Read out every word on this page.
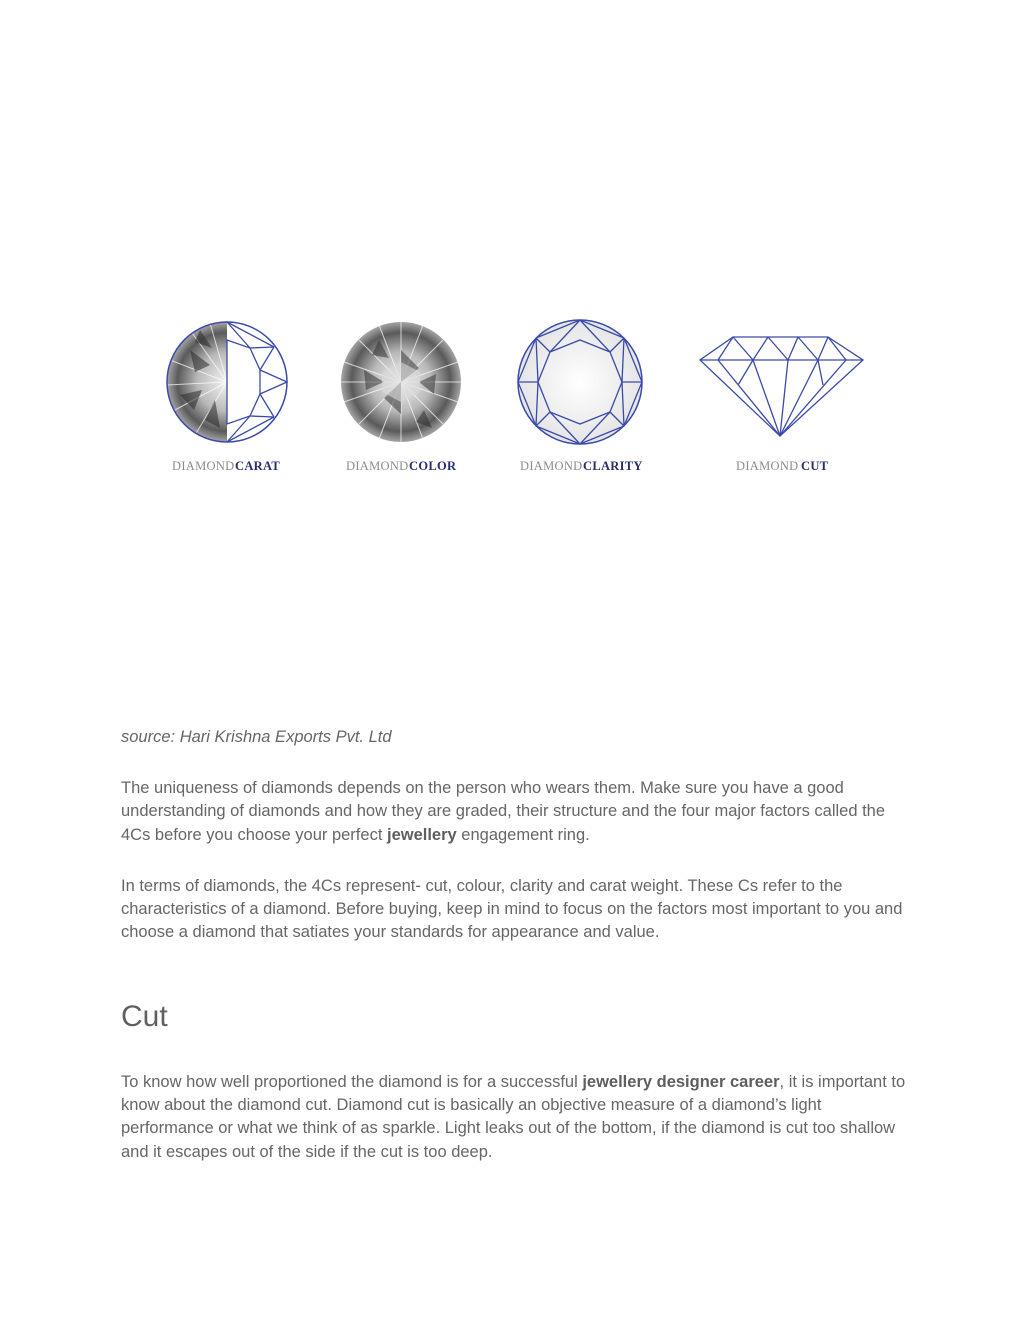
DIAMOND CARAT	DIAMOND COLOR	DIAMOND CLARITY	DIAMOND CUT

source: Hari Krishna Exports Pvt. Ltd

The uniqueness of diamonds depends on the person who wears them. Make sure you have a good understanding of diamonds and how they are graded, their structure and the four major factors called the 4Cs before you choose your perfect jewellery engagement ring.

In terms of diamonds, the 4Cs represent- cut, colour, clarity and carat weight. These Cs refer to the characteristics of a diamond. Before buying, keep in mind to focus on the factors most important to you and choose a diamond that satiates your standards for appearance and value.

Cut

To know how well proportioned the diamond is for a successful jewellery designer career, it is important to know about the diamond cut. Diamond cut is basically an objective measure of a diamond’s light performance or what we think of as sparkle. Light leaks out of the bottom, if the diamond is cut too shallow and it escapes out of the side if the cut is too deep.
